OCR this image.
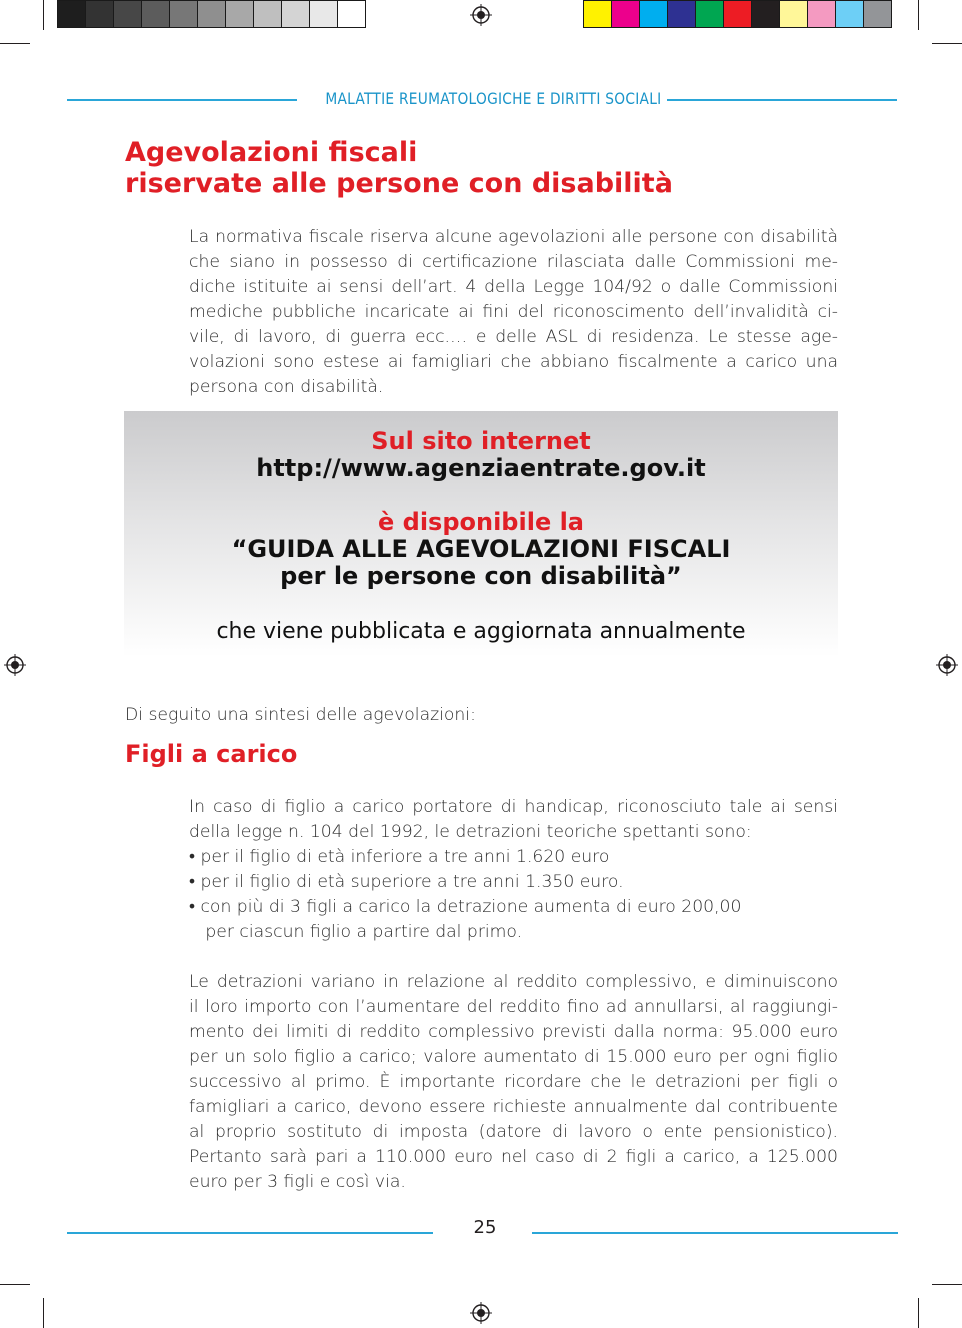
MALATTIE REUMATOLOGICHE E DIRITTI SOCIALI
Agevolazioni fiscali
riservate alle persone con disabilità
La normativa fiscale riserva alcune agevolazioni alle persone con disabilità
che siano in possesso di certificazione rilasciata dalle Commissioni me-
diche istituite ai sensi dell’art. 4 della Legge 104/92 o dalle Commissioni
mediche pubbliche incaricate ai fini del riconoscimento dell’invalidità ci-
vile, di lavoro, di guerra ecc.… e delle ASL di residenza. Le stesse age-
volazioni sono estese ai famigliari che abbiano fiscalmente a carico una
persona con disabilità.
Sul sito internet
http://www.agenziaentrate.gov.it
è disponibile la
“GUIDA ALLE AGEVOLAZIONI FISCALI
per le persone con disabilità”
che viene pubblicata e aggiornata annualmente
Di seguito una sintesi delle agevolazioni:
Figli a carico
In caso di figlio a carico portatore di handicap, riconosciuto tale ai sensi
della legge n. 104 del 1992, le detrazioni teoriche spettanti sono:
• per il figlio di età inferiore a tre anni 1.620 euro
• per il figlio di età superiore a tre anni 1.350 euro.
• con più di 3 figli a carico la detrazione aumenta di euro 200,00
per ciascun figlio a partire dal primo.
Le detrazioni variano in relazione al reddito complessivo, e diminuiscono
il loro importo con l’aumentare del reddito fino ad annullarsi, al raggiungi-
mento dei limiti di reddito complessivo previsti dalla norma: 95.000 euro
per un solo figlio a carico; valore aumentato di 15.000 euro per ogni figlio
successivo al primo. È importante ricordare che le detrazioni per figli o
famigliari a carico, devono essere richieste annualmente dal contribuente
al proprio sostituto di imposta (datore di lavoro o ente pensionistico).
Pertanto sarà pari a 110.000 euro nel caso di 2 figli a carico, a 125.000
euro per 3 figli e così via.
25
